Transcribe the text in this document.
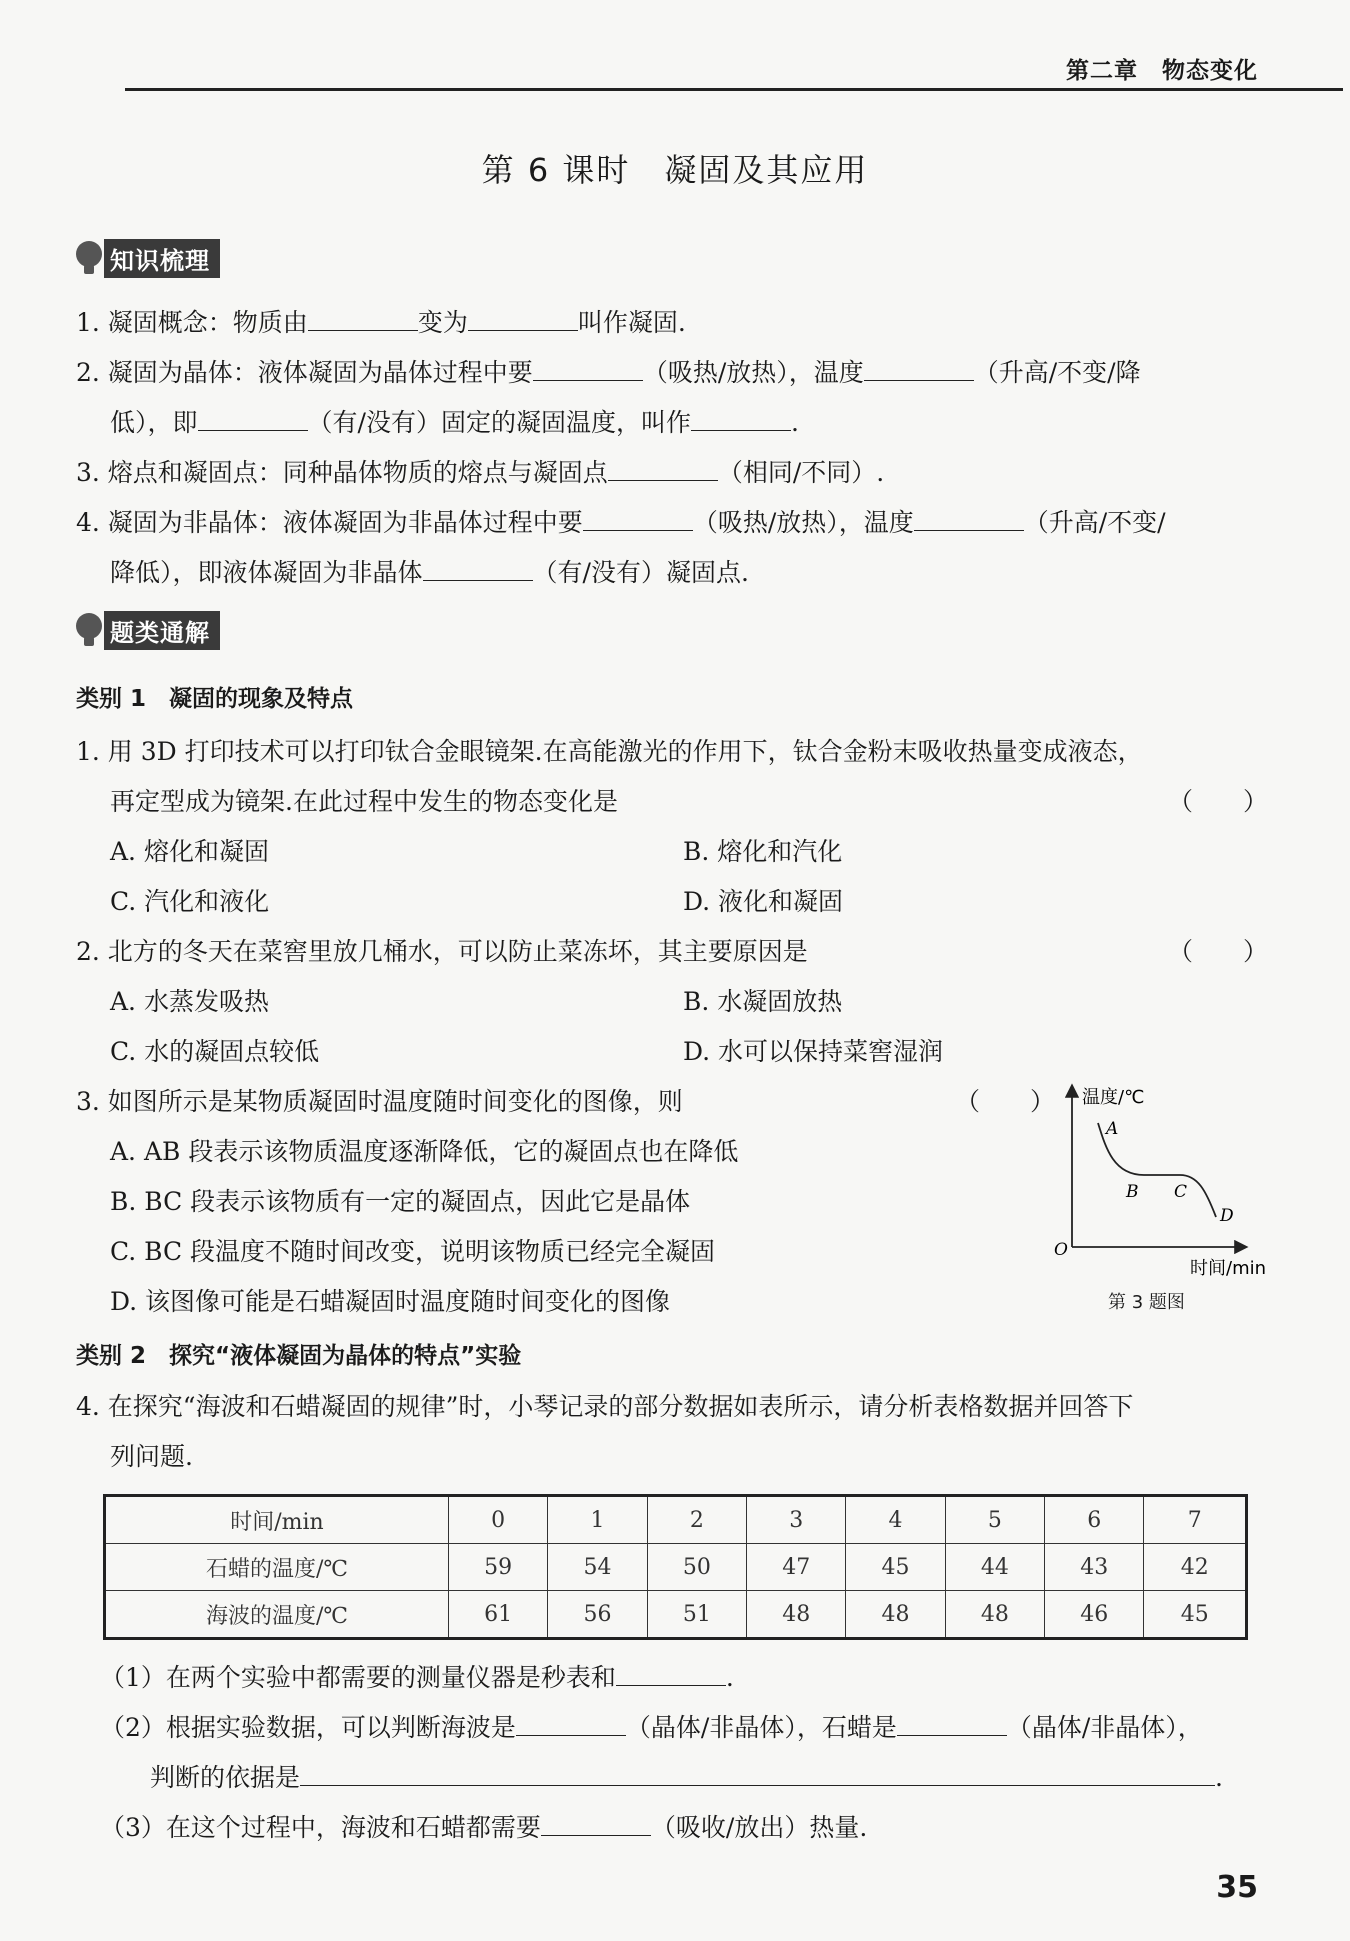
第二章　物态变化
第 6 课时　凝固及其应用
知识梳理
1. 凝固概念：物质由	变为	叫作凝固.
2. 凝固为晶体：液体凝固为晶体过程中要	（吸热/放热），温度	（升高/不变/降
低），即	（有/没有）固定的凝固温度，叫作	.
3. 熔点和凝固点：同种晶体物质的熔点与凝固点	（相同/不同）.
4. 凝固为非晶体：液体凝固为非晶体过程中要	（吸热/放热），温度	（升高/不变/
降低），即液体凝固为非晶体	（有/没有）凝固点.
题类通解
类别 1　凝固的现象及特点
1. 用 3D 打印技术可以打印钛合金眼镜架.在高能激光的作用下，钛合金粉末吸收热量变成液态，
再定型成为镜架.在此过程中发生的物态变化是	（　　）
A. 熔化和凝固	B. 熔化和汽化
C. 汽化和液化	D. 液化和凝固
2. 北方的冬天在菜窖里放几桶水，可以防止菜冻坏，其主要原因是	（　　）
A. 水蒸发吸热	B. 水凝固放热
C. 水的凝固点较低	D. 水可以保持菜窖湿润
3. 如图所示是某物质凝固时温度随时间变化的图像，则	（　　）
A. AB 段表示该物质温度逐渐降低，它的凝固点也在降低
B. BC 段表示该物质有一定的凝固点，因此它是晶体
C. BC 段温度不随时间改变，说明该物质已经完全凝固
D. 该图像可能是石蜡凝固时温度随时间变化的图像
温度/℃
时间/min
O
A
B C
D
第 3 题图
类别 2　探究“液体凝固为晶体的特点”实验
4. 在探究“海波和石蜡凝固的规律”时，小琴记录的部分数据如表所示，请分析表格数据并回答下
列问题.
时间/min	0	1	2	3	4	5	6	7
石蜡的温度/℃	59	54	50	47	45	44	43	42
海波的温度/℃	61	56	51	48	48	48	46	45
（1）在两个实验中都需要的测量仪器是秒表和	.
（2）根据实验数据，可以判断海波是	（晶体/非晶体），石蜡是	（晶体/非晶体），
判断的依据是	.
（3）在这个过程中，海波和石蜡都需要	（吸收/放出）热量.
35
